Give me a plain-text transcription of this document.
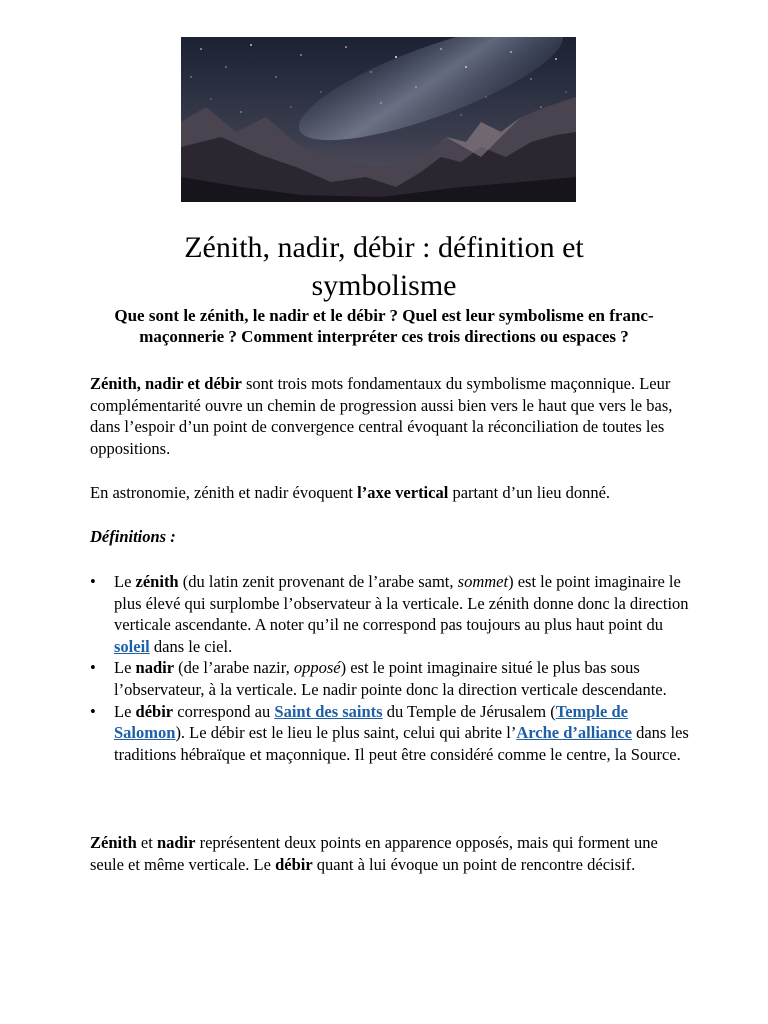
Zénith, nadir, débir : définition et symbolisme

Que sont le zénith, le nadir et le débir ? Quel est leur symbolisme en franc-maçonnerie ? Comment interpréter ces trois directions ou espaces ?

Zénith, nadir et débir sont trois mots fondamentaux du symbolisme maçonnique. Leur complémentarité ouvre un chemin de progression aussi bien vers le haut que vers le bas, dans l’espoir d’un point de convergence central évoquant la réconciliation de toutes les oppositions.

En astronomie, zénith et nadir évoquent l’axe vertical partant d’un lieu donné.

Définitions :

• Le zénith (du latin zenit provenant de l’arabe samt, sommet) est le point imaginaire le plus élevé qui surplombe l’observateur à la verticale. Le zénith donne donc la direction verticale ascendante. A noter qu’il ne correspond pas toujours au plus haut point du soleil dans le ciel.
• Le nadir (de l’arabe nazir, opposé) est le point imaginaire situé le plus bas sous l’observateur, à la verticale. Le nadir pointe donc la direction verticale descendante.
• Le débir correspond au Saint des saints du Temple de Jérusalem (Temple de Salomon). Le débir est le lieu le plus saint, celui qui abrite l’Arche d’alliance dans les traditions hébraïque et maçonnique. Il peut être considéré comme le centre, la Source.

Zénith et nadir représentent deux points en apparence opposés, mais qui forment une seule et même verticale. Le débir quant à lui évoque un point de rencontre décisif.
